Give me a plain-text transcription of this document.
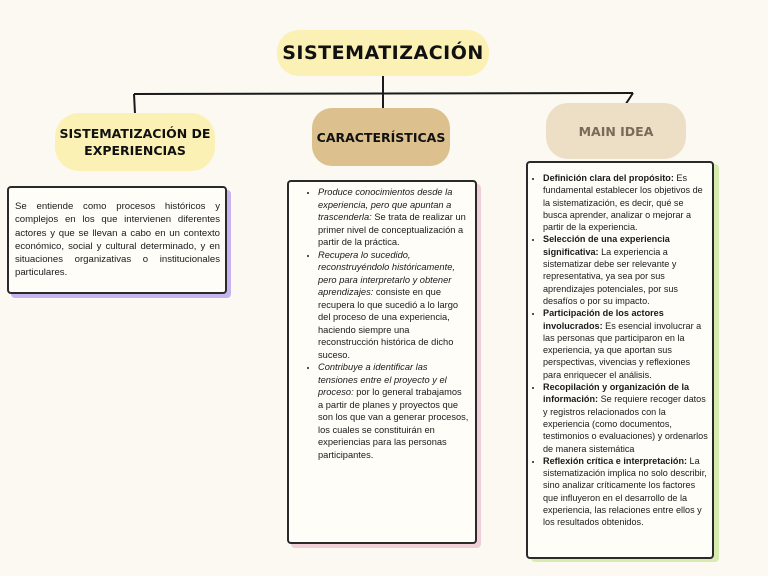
SISTEMATIZACIÓN
SISTEMATIZACIÓN DE EXPERIENCIAS
CARACTERÍSTICAS	MAIN IDEA
Se entiende como procesos históricos y complejos en los que intervienen diferentes actores y que se llevan a cabo en un contexto económico, social y cultural determinado, y en situaciones organizativas o institucionales particulares.
• Produce conocimientos desde la experiencia, pero que apuntan a trascenderla: Se trata de realizar un primer nivel de conceptualización a partir de la práctica.
• Recupera lo sucedido, reconstruyéndolo históricamente, pero para interpretarlo y obtener aprendizajes: consiste en que recupera lo que sucedió a lo largo del proceso de una experiencia, haciendo siempre una reconstrucción histórica de dicho suceso.
• Contribuye a identificar las tensiones entre el proyecto y el proceso: por lo general trabajamos a partir de planes y proyectos que son los que van a generar procesos, los cuales se constituirán en experiencias para las personas participantes.
• Definición clara del propósito: Es fundamental establecer los objetivos de la sistematización, es decir, qué se busca aprender, analizar o mejorar a partir de la experiencia.
• Selección de una experiencia significativa: La experiencia a sistematizar debe ser relevante y representativa, ya sea por sus aprendizajes potenciales, por sus desafíos o por su impacto.
• Participación de los actores involucrados: Es esencial involucrar a las personas que participaron en la experiencia, ya que aportan sus perspectivas, vivencias y reflexiones para enriquecer el análisis.
• Recopilación y organización de la información: Se requiere recoger datos y registros relacionados con la experiencia (como documentos, testimonios o evaluaciones) y ordenarlos de manera sistemática
• Reflexión crítica e interpretación: La sistematización implica no solo describir, sino analizar críticamente los factores que influyeron en el desarrollo de la experiencia, las relaciones entre ellos y los resultados obtenidos.
